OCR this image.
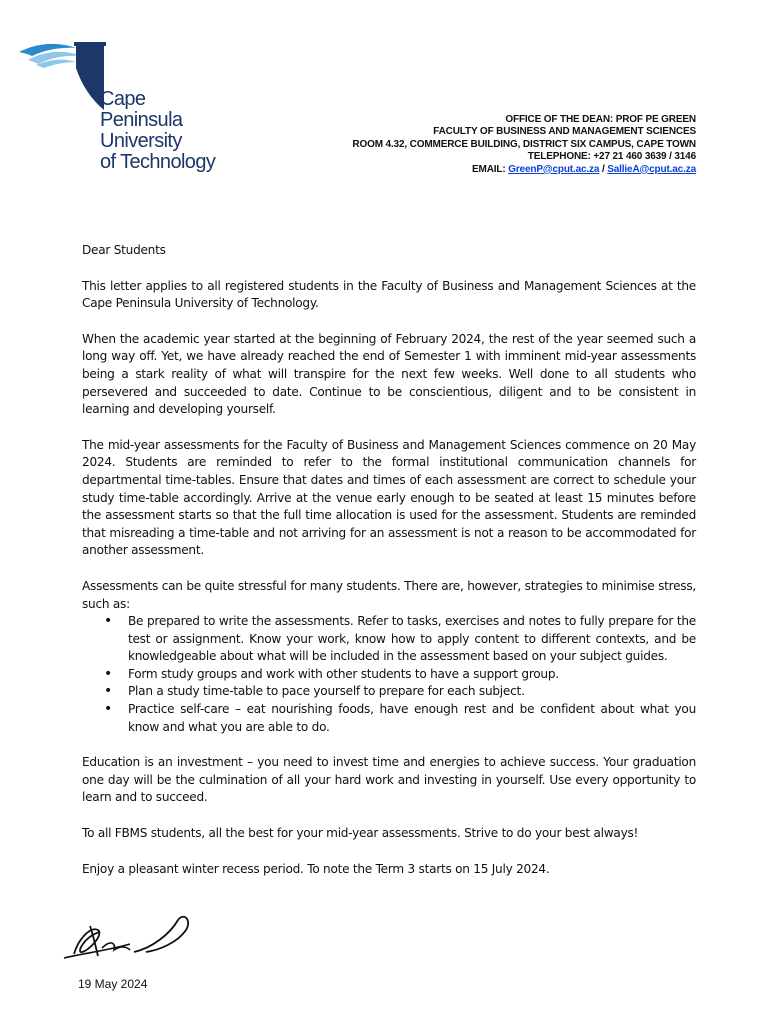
Cape
Peninsula
University
of Technology
OFFICE OF THE DEAN: PROF PE GREEN
FACULTY OF BUSINESS AND MANAGEMENT SCIENCES
ROOM 4.32, COMMERCE BUILDING, DISTRICT SIX CAMPUS, CAPE TOWN
TELEPHONE: +27 21 460 3639 / 3146
EMAIL: GreenP@cput.ac.za / SallieA@cput.ac.za

Dear Students

This letter applies to all registered students in the Faculty of Business and Management Sciences at the Cape Peninsula University of Technology.

When the academic year started at the beginning of February 2024, the rest of the year seemed such a long way off. Yet, we have already reached the end of Semester 1 with imminent mid-year assessments being a stark reality of what will transpire for the next few weeks. Well done to all students who persevered and succeeded to date. Continue to be conscientious, diligent and to be consistent in learning and developing yourself.

The mid-year assessments for the Faculty of Business and Management Sciences commence on 20 May 2024. Students are reminded to refer to the formal institutional communication channels for departmental time-tables. Ensure that dates and times of each assessment are correct to schedule your study time-table accordingly. Arrive at the venue early enough to be seated at least 15 minutes before the assessment starts so that the full time allocation is used for the assessment. Students are reminded that misreading a time-table and not arriving for an assessment is not a reason to be accommodated for another assessment.

Assessments can be quite stressful for many students. There are, however, strategies to minimise stress, such as:

• Be prepared to write the assessments. Refer to tasks, exercises and notes to fully prepare for the test or assignment. Know your work, know how to apply content to different contexts, and be knowledgeable about what will be included in the assessment based on your subject guides.
• Form study groups and work with other students to have a support group.
• Plan a study time-table to pace yourself to prepare for each subject.
• Practice self-care – eat nourishing foods, have enough rest and be confident about what you know and what you are able to do.

Education is an investment – you need to invest time and energies to achieve success. Your graduation one day will be the culmination of all your hard work and investing in yourself. Use every opportunity to learn and to succeed.

To all FBMS students, all the best for your mid-year assessments. Strive to do your best always!

Enjoy a pleasant winter recess period. To note the Term 3 starts on 15 July 2024.

19 May 2024
